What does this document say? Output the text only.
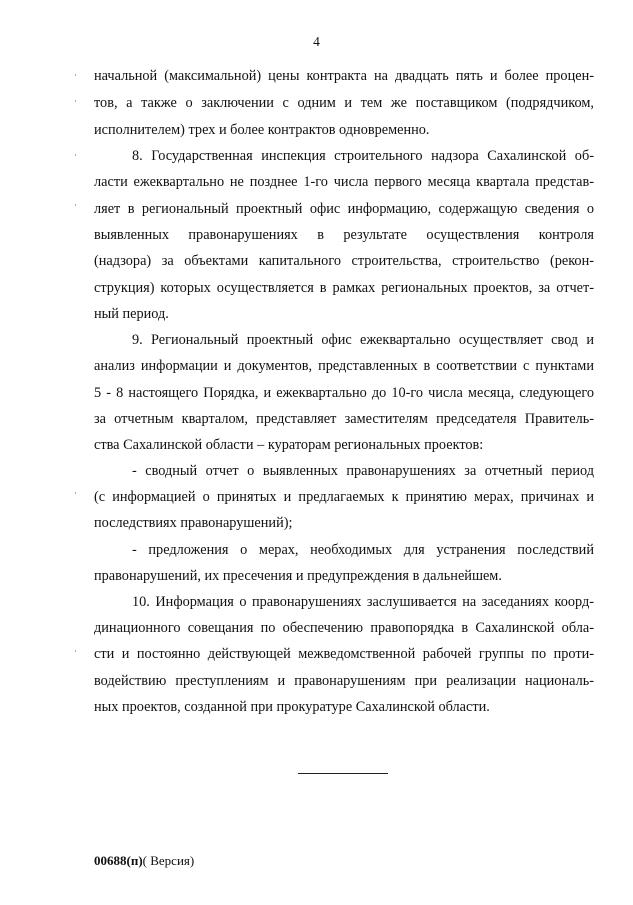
4
·
·
·
·
·
·
начальной (максимальной) цены контракта на двадцать пять и более процен-
тов, а также о заключении с одним и тем же поставщиком (подрядчиком,
исполнителем) трех и более контрактов одновременно.
8. Государственная инспекция строительного надзора Сахалинской об-
ласти ежеквартально не позднее 1-го числа первого месяца квартала представ-
ляет в региональный проектный офис информацию, содержащую сведения о
выявленных правонарушениях в результате осуществления контроля
(надзора) за объектами капитального строительства, строительство (рекон-
струкция) которых осуществляется в рамках региональных проектов, за отчет-
ный период.
9. Региональный проектный офис ежеквартально осуществляет свод и
анализ информации и документов, представленных в соответствии с пунктами
5 - 8 настоящего Порядка, и ежеквартально до 10-го числа месяца, следующего
за отчетным кварталом, представляет заместителям председателя Правитель-
ства Сахалинской области – кураторам региональных проектов:
- сводный отчет о выявленных правонарушениях за отчетный период
(с информацией о принятых и предлагаемых к принятию мерах, причинах и
последствиях правонарушений);
- предложения о мерах, необходимых для устранения последствий
правонарушений, их пресечения и предупреждения в дальнейшем.
10. Информация о правонарушениях заслушивается на заседаниях коорд-
динационного совещания по обеспечению правопорядка в Сахалинской обла-
сти и постоянно действующей межведомственной рабочей группы по проти-
водействию преступлениям и правонарушениям при реализации националь-
ных проектов, созданной при прокуратуре Сахалинской области.
00688(п)( Версия)
